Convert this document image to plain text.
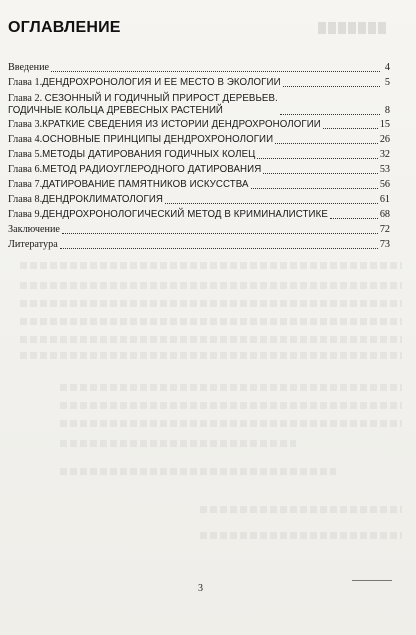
ОГЛАВЛЕНИЕ
Введение	4
Глава 1. ДЕНДРОХРОНОЛОГИЯ И ЕЕ МЕСТО В ЭКОЛОГИИ	5
Глава 2. СЕЗОННЫЙ И ГОДИЧНЫЙ ПРИРОСТ ДЕРЕВЬЕВ.
ГОДИЧНЫЕ КОЛЬЦА ДРЕВЕСНЫХ РАСТЕНИЙ	8
Глава 3. КРАТКИЕ СВЕДЕНИЯ ИЗ ИСТОРИИ ДЕНДРОХРОНОЛОГИИ	15
Глава 4. ОСНОВНЫЕ ПРИНЦИПЫ ДЕНДРОХРОНОЛОГИИ	26
Глава 5. МЕТОДЫ ДАТИРОВАНИЯ ГОДИЧНЫХ КОЛЕЦ	32
Глава 6. МЕТОД РАДИОУГЛЕРОДНОГО ДАТИРОВАНИЯ	53
Глава 7. ДАТИРОВАНИЕ ПАМЯТНИКОВ ИСКУССТВА	56
Глава 8. ДЕНДРОКЛИМАТОЛОГИЯ	61
Глава 9. ДЕНДРОХРОНОЛОГИЧЕСКИЙ МЕТОД В КРИМИНАЛИСТИКЕ	68
Заключение	72
Литература	73
3
